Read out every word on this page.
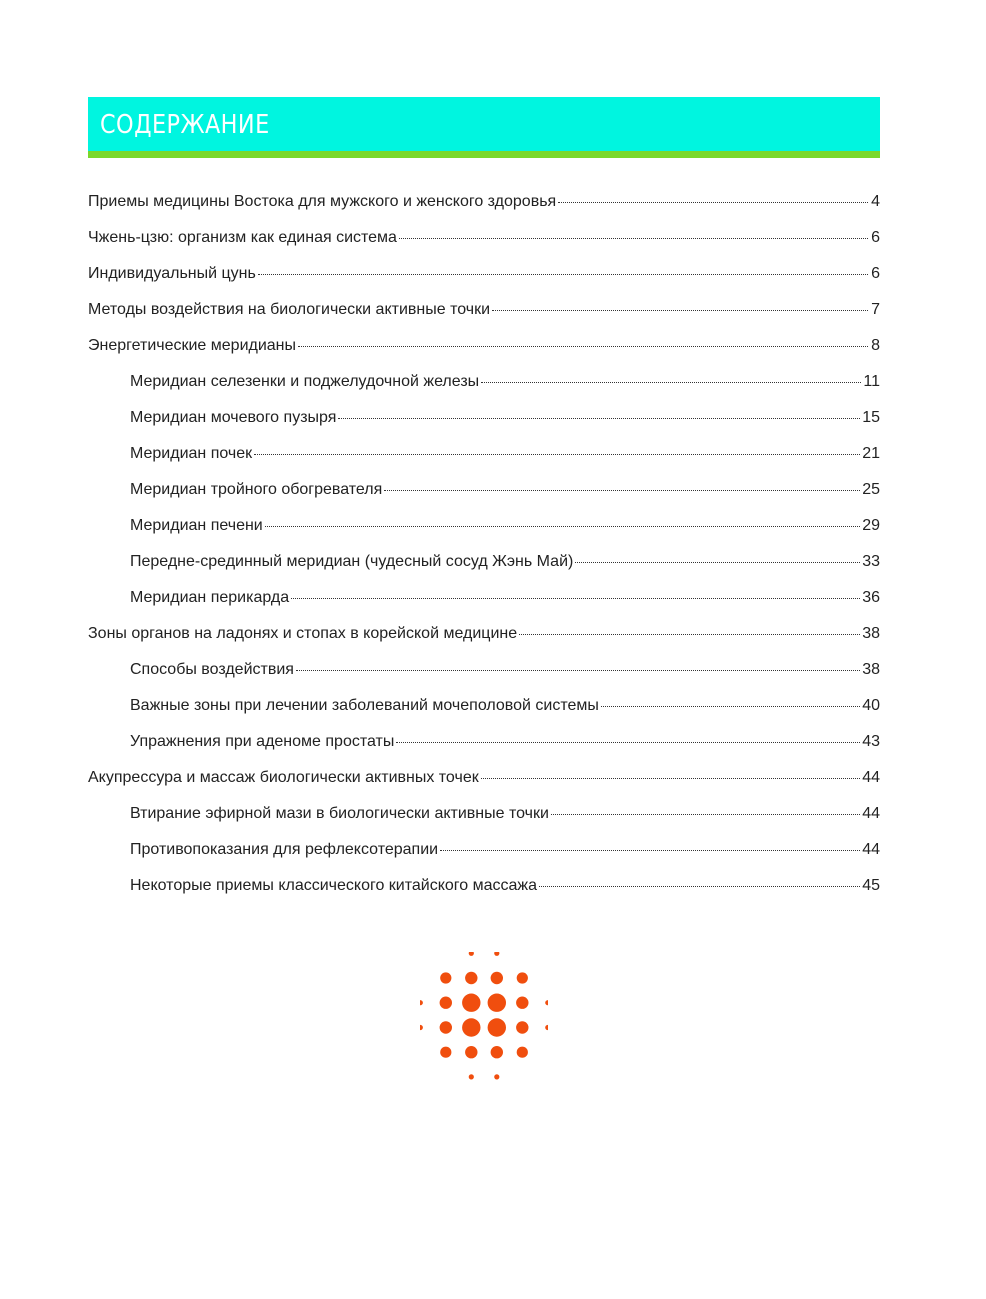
СОДЕРЖАНИЕ
Приемы медицины Востока для мужского и женского здоровья	4
Чжень-цзю: организм как единая система	6
Индивидуальный цунь	6
Методы воздействия на биологически активные точки	7
Энергетические меридианы	8
Меридиан селезенки и поджелудочной железы	11
Меридиан мочевого пузыря	15
Меридиан почек	21
Меридиан тройного обогревателя	25
Меридиан печени	29
Передне-срединный меридиан (чудесный сосуд Жэнь Май)	33
Меридиан перикарда	36
Зоны органов на ладонях и стопах в корейской медицине	38
Способы воздействия	38
Важные зоны при лечении заболеваний мочеполовой системы	40
Упражнения при аденоме простаты	43
Акупрессура и массаж биологически активных точек	44
Втирание эфирной мази в биологически активные точки	44
Противопоказания для рефлексотерапии	44
Некоторые приемы классического китайского массажа	45
